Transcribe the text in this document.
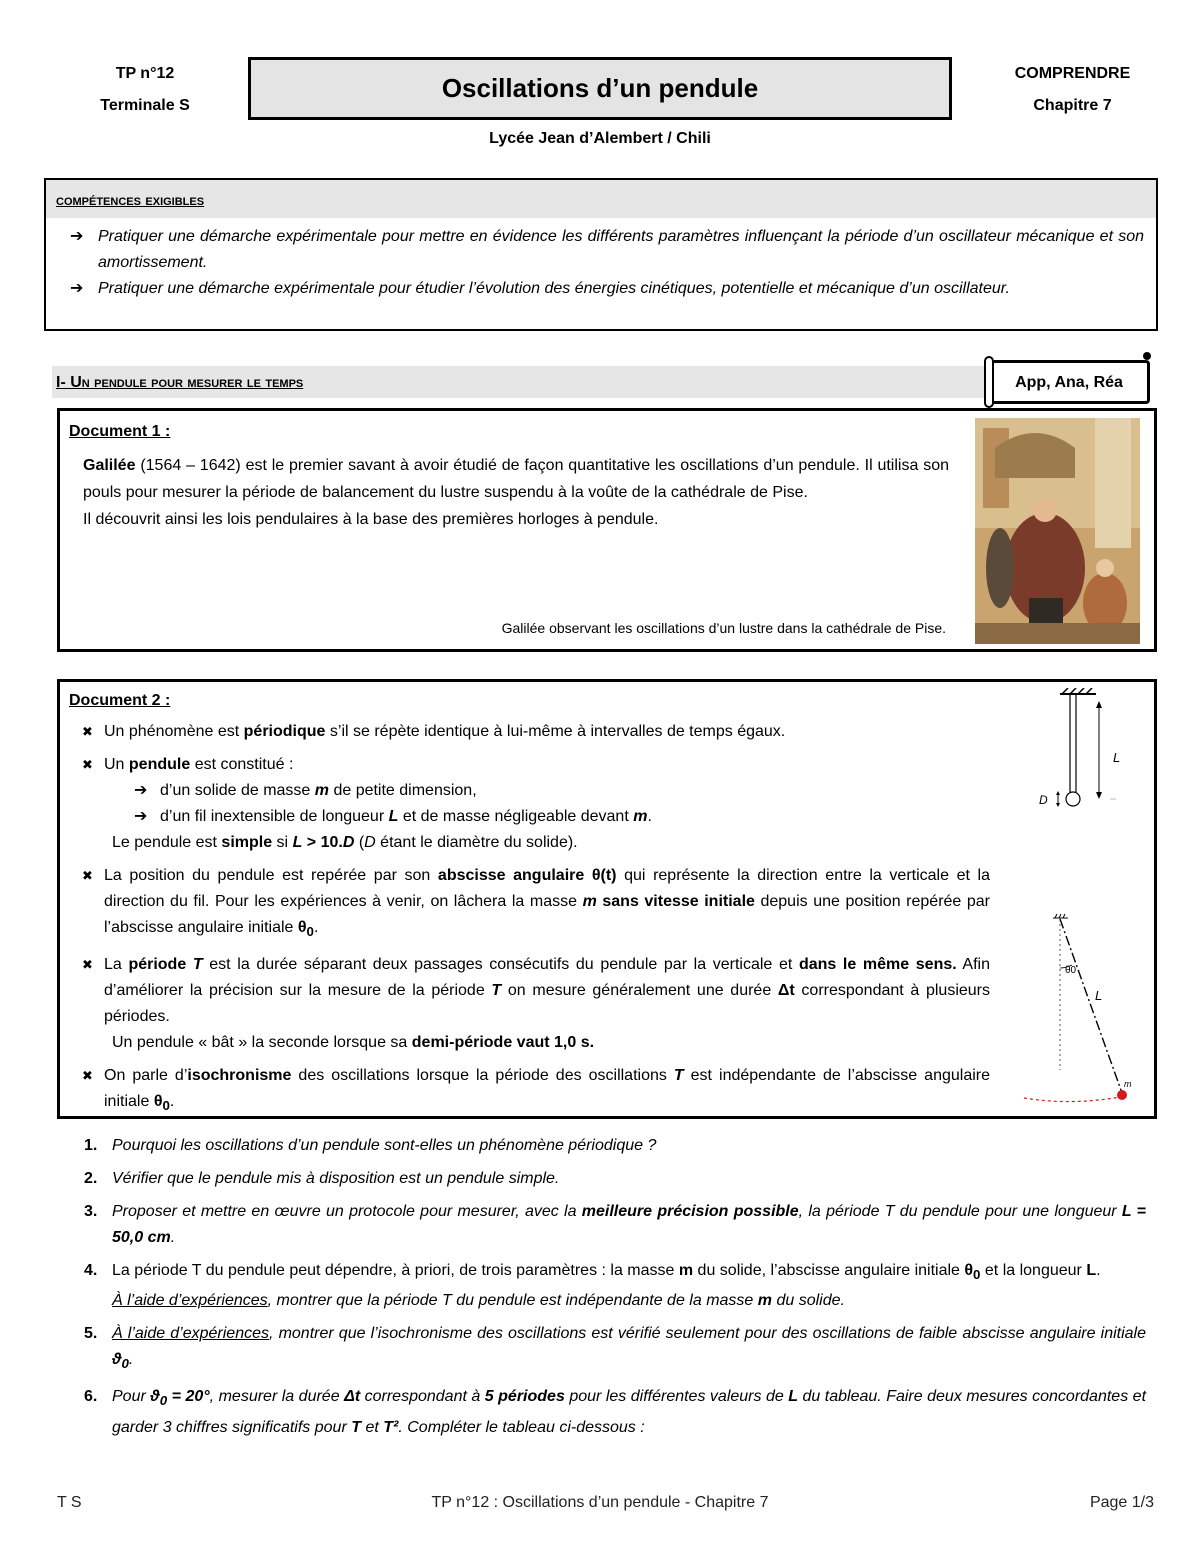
TP n°12
Terminale S
Oscillations d’un pendule	COMPRENDRE
Chapitre 7
Lycée Jean d’Alembert / Chili
compétences exigibles
➔ Pratiquer une démarche expérimentale pour mettre en évidence les différents paramètres influençant la période d’un oscillateur mécanique et son amortissement.
➔ Pratiquer une démarche expérimentale pour étudier l’évolution des énergies cinétiques, potentielle et mécanique d’un oscillateur.
I- Un pendule pour mesurer le temps	App, Ana, Réa
Document 1 :
Galilée (1564 – 1642) est le premier savant à avoir étudié de façon quantitative les oscillations d’un pendule. Il utilisa son pouls pour mesurer la période de balancement du lustre suspendu à la voûte de la cathédrale de Pise.
Il découvrit ainsi les lois pendulaires à la base des premières horloges à pendule.
Galilée observant les oscillations d’un lustre dans la cathédrale de Pise.
Document 2 :
✖ Un phénomène est périodique s’il se répète identique à lui-même à intervalles de temps égaux.
✖ Un pendule est constitué :
➔ d’un solide de masse m de petite dimension,
➔ d’un fil inextensible de longueur L et de masse négligeable devant m.
Le pendule est simple si L > 10.D (D étant le diamètre du solide).
✖ La position du pendule est repérée par son abscisse angulaire θ(t) qui représente la direction entre la verticale et la direction du fil. Pour les expériences à venir, on lâchera la masse m sans vitesse initiale depuis une position repérée par l’abscisse angulaire initiale $\theta_0$.
✖ La période T est la durée séparant deux passages consécutifs du pendule par la verticale et dans le même sens. Afin d’améliorer la précision sur la mesure de la période T on mesure généralement une durée Δt correspondant à plusieurs périodes.
Un pendule « bât » la seconde lorsque sa demi-période vaut 1,0 s.
✖ On parle d’isochronisme des oscillations lorsque la période des oscillations T est indépendante de l’abscisse angulaire initiale $\theta_0$.
L
D
θ0
L
m
1. Pourquoi les oscillations d’un pendule sont-elles un phénomène périodique ?
2. Vérifier que le pendule mis à disposition est un pendule simple.
3. Proposer et mettre en œuvre un protocole pour mesurer, avec la meilleure précision possible, la période T du pendule pour une longueur L = 50,0 cm.
4. La période T du pendule peut dépendre, à priori, de trois paramètres : la masse m du solide, l’abscisse angulaire initiale $\theta_0$ et la longueur L.
À l’aide d’expériences, montrer que la période T du pendule est indépendante de la masse m du solide.
5. À l’aide d’expériences, montrer que l’isochronisme des oscillations est vérifié seulement pour des oscillations de faible abscisse angulaire initiale $ϑ_0$.
6. Pour $ϑ_0 = 20^\circ$, mesurer la durée Δt correspondant à 5 périodes pour les différentes valeurs de L du tableau. Faire deux mesures concordantes et garder 3 chiffres significatifs pour T et T². Compléter le tableau ci-dessous :
T S	TP n°12 : Oscillations d’un pendule - Chapitre 7	Page 1/3
